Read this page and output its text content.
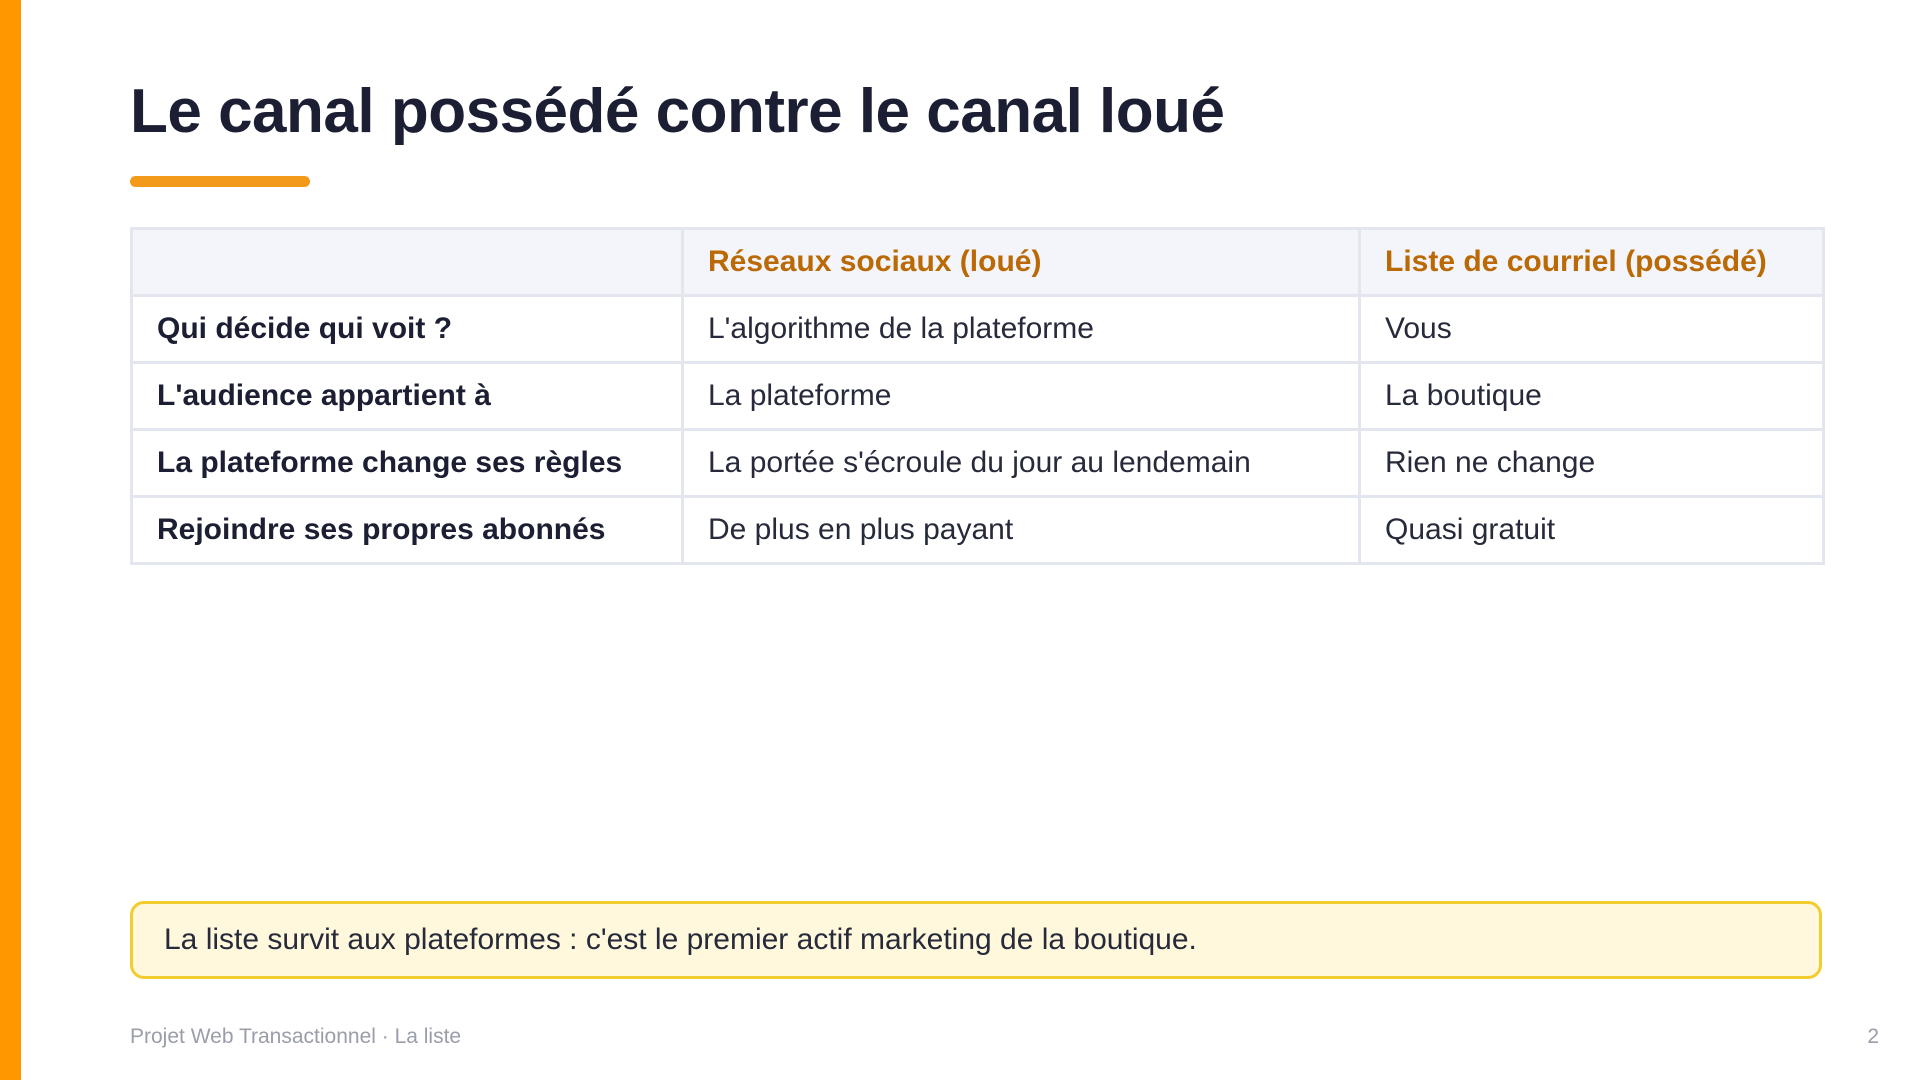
Le canal possédé contre le canal loué
	Réseaux sociaux (loué)	Liste de courriel (possédé)
Qui décide qui voit ?	L'algorithme de la plateforme	Vous
L'audience appartient à	La plateforme	La boutique
La plateforme change ses règles	La portée s'écroule du jour au lendemain	Rien ne change
Rejoindre ses propres abonnés	De plus en plus payant	Quasi gratuit
La liste survit aux plateformes : c'est le premier actif marketing de la boutique.
Projet Web Transactionnel · La liste	2
